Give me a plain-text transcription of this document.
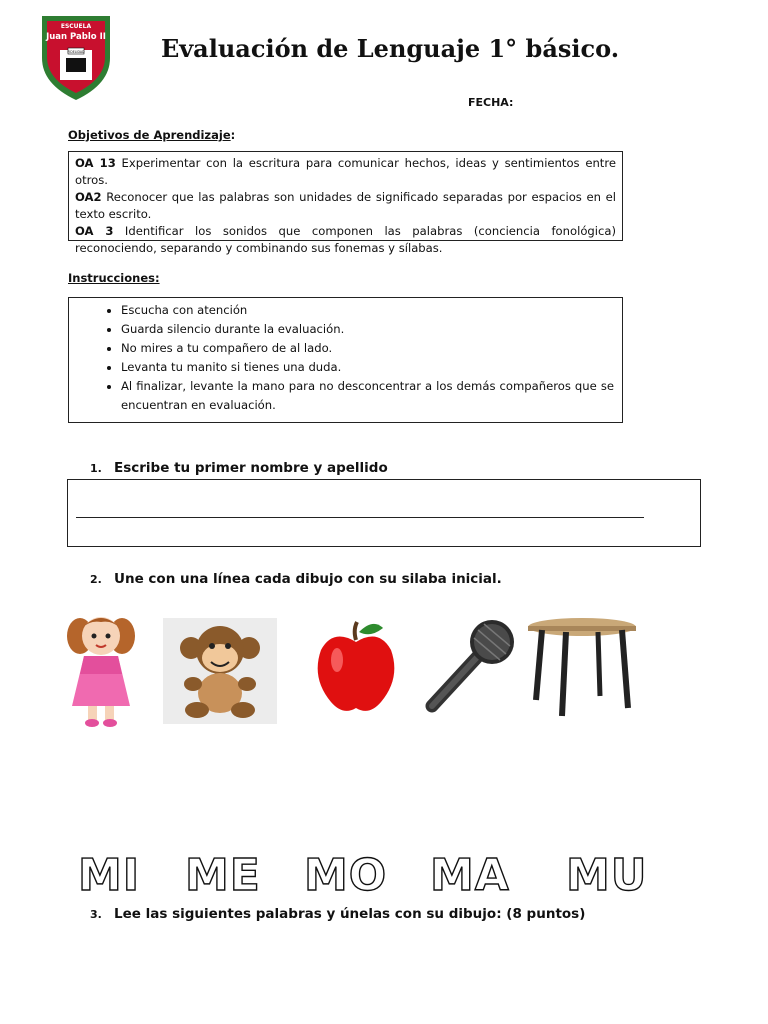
ESCUELA
Juan Pablo II
FIDELIDAD	Evaluación de Lenguaje 1° básico.
FECHA:
Objetivos de Aprendizaje:

OA 13 Experimentar con la escritura para comunicar hechos, ideas y sentimientos entre otros.

OA2 Reconocer que las palabras son unidades de significado separadas por espacios en el texto escrito.

OA 3 Identificar los sonidos que componen las palabras (conciencia fonológica) reconociendo, separando y combinando sus fonemas y sílabas.

Instrucciones:
• Escucha con atención
• Guarda silencio durante la evaluación.
• No mires a tu compañero de al lado.
• Levanta tu manito si tienes una duda.
• Al finalizar, levante la mano para no desconcentrar a los demás compañeros que se encuentran en evaluación.
1. Escribe tu primer nombre y apellido
2. Une con una línea cada dibujo con su silaba inicial.
MI ME MO MA MU
3. Lee las siguientes palabras y únelas con su dibujo: (8 puntos)
